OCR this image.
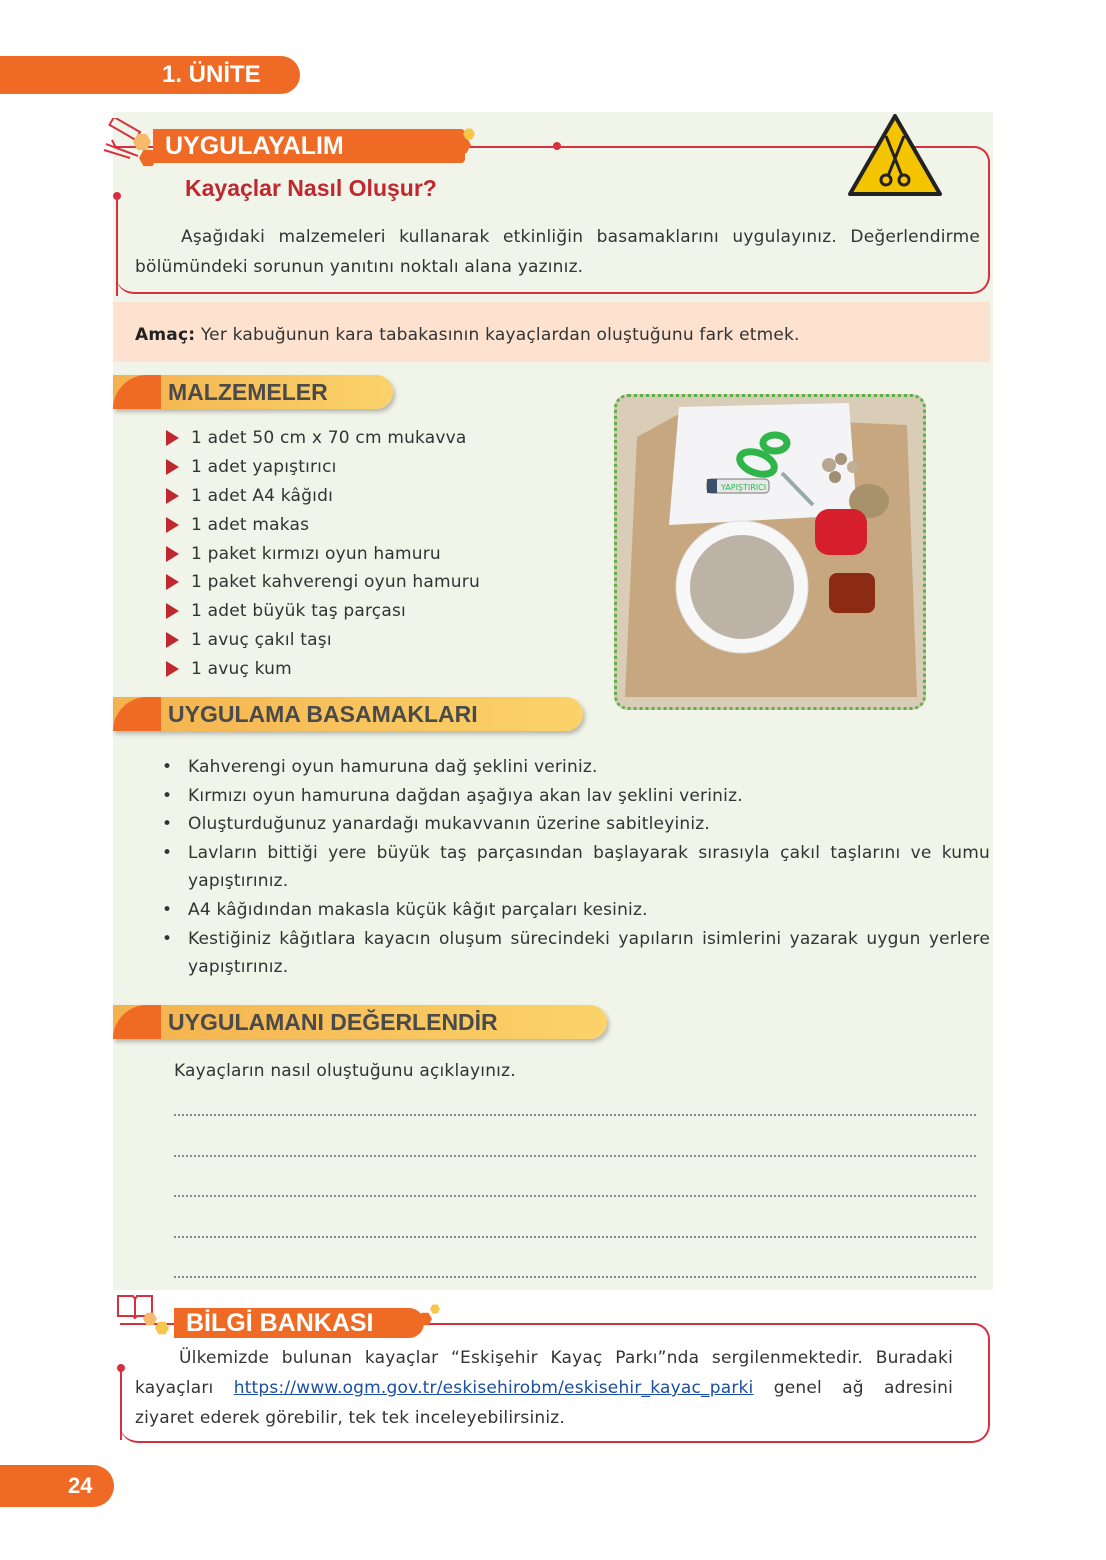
1. ÜNİTE
UYGULAYALIM
Kayaçlar Nasıl Oluşur?
Aşağıdaki malzemeleri kullanarak etkinliğin basamaklarını uygulayınız. Değerlendirme bölümündeki sorunun yanıtını noktalı alana yazınız.
Amaç: Yer kabuğunun kara tabakasının kayaçlardan oluştuğunu fark etmek.
MALZEMELER
1 adet 50 cm x 70 cm mukavva
1 adet yapıştırıcı
1 adet A4 kâğıdı
1 adet makas
1 paket kırmızı oyun hamuru
1 paket kahverengi oyun hamuru
1 adet büyük taş parçası
1 avuç çakıl taşı
1 avuç kum
YAPIŞTIRICI
UYGULAMA BASAMAKLARI
• Kahverengi oyun hamuruna dağ şeklini veriniz.
• Kırmızı oyun hamuruna dağdan aşağıya akan lav şeklini veriniz.
• Oluşturduğunuz yanardağı mukavvanın üzerine sabitleyiniz.
• Lavların bittiği yere büyük taş parçasından başlayarak sırasıyla çakıl taşlarını ve kumu yapıştırınız.
• A4 kâğıdından makasla küçük kâğıt parçaları kesiniz.
• Kestiğiniz kâğıtlara kayacın oluşum sürecindeki yapıların isimlerini yazarak uygun yerlere yapıştırınız.
UYGULAMANI DEĞERLENDİR
Kayaçların nasıl oluştuğunu açıklayınız.
BİLGİ BANKASI
Ülkemizde bulunan kayaçlar “Eskişehir Kayaç Parkı”nda sergilenmektedir. Buradaki kayaçları https://www.ogm.gov.tr/eskisehirobm/eskisehir_kayac_parki genel ağ adresini ziyaret ederek görebilir, tek tek inceleyebilirsiniz.
24
